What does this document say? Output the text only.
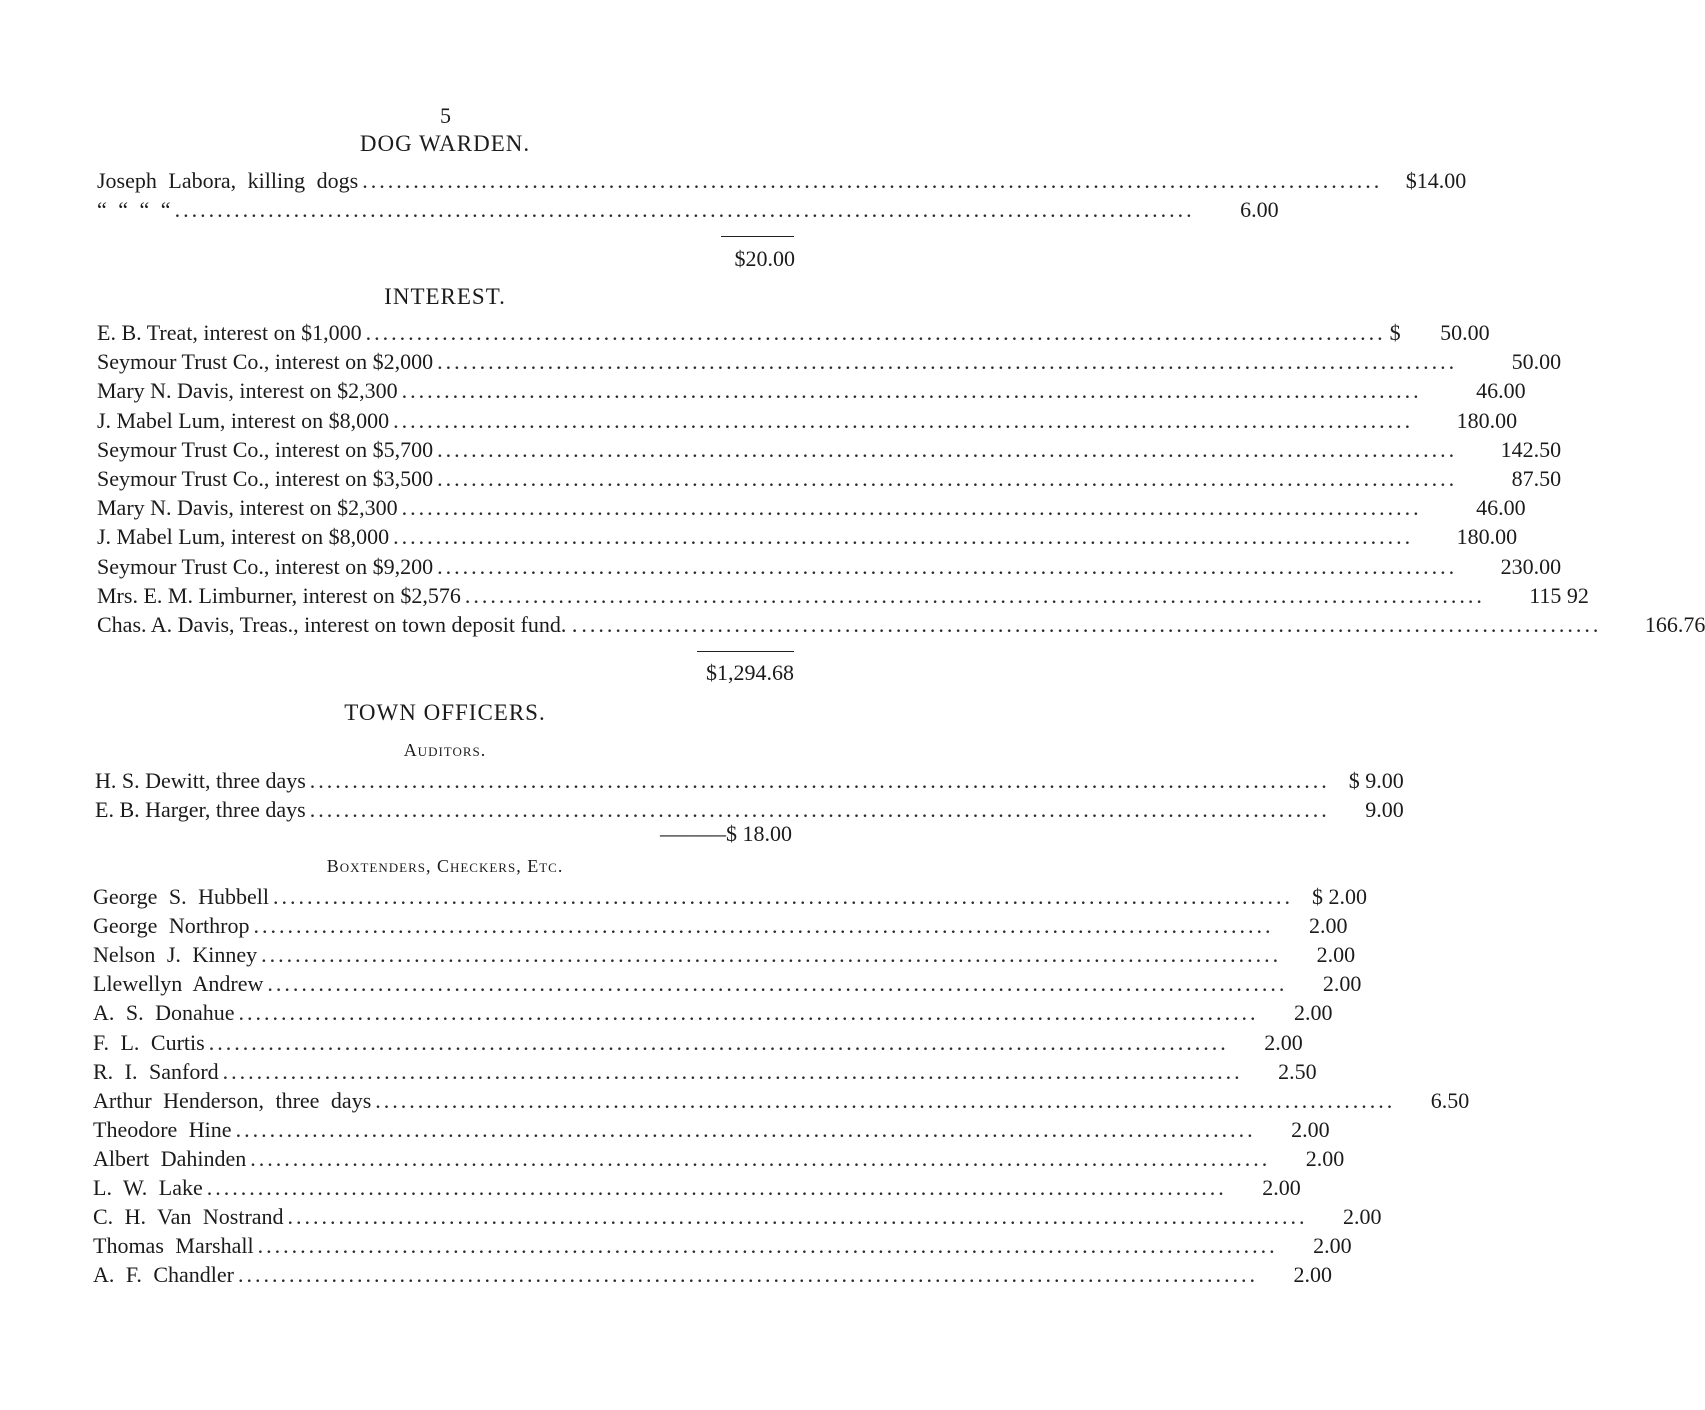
5
DOG WARDEN.
Joseph Labora, killing dogs ........................................................................................................................	$14.00
“ “ “ “ ........................................................................................................................	6.00
$20.00
INTEREST.
E. B. Treat, interest on $1,000 ........................................................................................................................ $	50.00
Seymour Trust Co., interest on $2,000 ........................................................................................................................	50.00
Mary N. Davis, interest on $2,300 ........................................................................................................................	46.00
J. Mabel Lum, interest on $8,000 ........................................................................................................................	180.00
Seymour Trust Co., interest on $5,700 ........................................................................................................................	142.50
Seymour Trust Co., interest on $3,500 ........................................................................................................................	87.50
Mary N. Davis, interest on $2,300 ........................................................................................................................	46.00
J. Mabel Lum, interest on $8,000 ........................................................................................................................	180.00
Seymour Trust Co., interest on $9,200 ........................................................................................................................	230.00
Mrs. E. M. Limburner, interest on $2,576 ........................................................................................................................	115 92
Chas. A. Davis, Treas., interest on town deposit fund. . ........................................................................................................................	166.76
$1,294.68
TOWN OFFICERS.
Auditors.
H. S. Dewitt, three days ........................................................................................................................ $ 9.00
E. B. Harger, three days ........................................................................................................................	9.00
———$ 18.00
Boxtenders, Checkers, Etc.
George S. Hubbell ........................................................................................................................ $ 2.00
George Northrop ........................................................................................................................	2.00
Nelson J. Kinney ........................................................................................................................	2.00
Llewellyn Andrew ........................................................................................................................	2.00
A. S. Donahue ........................................................................................................................	2.00
F. L. Curtis ........................................................................................................................	2.00
R. I. Sanford ........................................................................................................................	2.50
Arthur Henderson, three days ........................................................................................................................	6.50
Theodore Hine ........................................................................................................................	2.00
Albert Dahinden ........................................................................................................................	2.00
L. W. Lake ........................................................................................................................	2.00
C. H. Van Nostrand ........................................................................................................................	2.00
Thomas Marshall ........................................................................................................................	2.00
A. F. Chandler ........................................................................................................................	2.00
